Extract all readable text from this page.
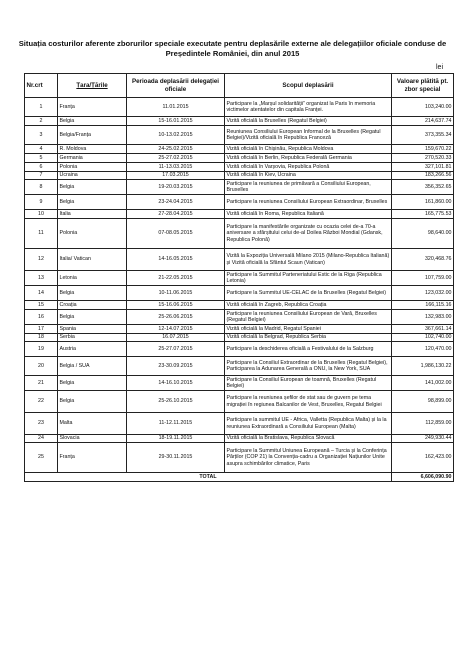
Situația costurilor aferente zborurilor speciale executate pentru deplasările externe ale delegațiilor oficiale conduse de Președintele României, din anul 2015
lei
Nr.crt	Țara/Țările	Perioada deplasării delegației oficiale	Scopul deplasării	Valoare plătită pt. zbor special
1	Franța	11.01.2015	Participare la „Marșul solidarității” organizat la Paris în memoria victimelor atentatelor din capitala Franței.	103,240.00
2	Belgia	15-16.01.2015	Vizită oficială la Bruxelles (Regatul Belgiei)	214,637.74
3	Belgia/Franța	10-13.02.2015	Reuniunea Consiliului European Informal de la Bruxelles (Regatul Belgiei)/Vizită oficială în Republica Franceză	373,355.34
4	R. Moldova	24-25.02.2015	Vizită oficială în Chișinău, Republica Moldova	159,670.22
5	Germania	25-27.02.2015	Vizită oficială în Berlin, Republica Federală Germania	270,520.33
6	Polonia	11-13.03.2015	Vizită oficială în Varșovia, Republica Polonă	327,101.81
7	Ucraina	17.03.2015	Vizită oficială în Kiev, Ucraina	183,266.56
8	Belgia	19-20.03.2015	Participare la reuniunea de primăvară a Consiliului European, Bruxelles	356,352.65
9	Belgia	23-24.04.2015	Participare la reuniunea Consiliului European Extraordinar, Bruxelles	161,860.00
10	Italia	27-28.04.2015	Vizită oficială în Roma, Republica Italiană	165,775.53
11	Polonia	07-08.05.2015	Participare la manifestările organizate cu ocazia celei de-a 70-a aniversare a sfârșitului celui de-al Doilea Război Mondial (Gdansk, Republica Polonă)	98,640.00
12	Italia/ Vatican	14-16.05.2015	Vizită la Expoziția Universală Milano 2015 (Milano-Republica Italiană) și Vizită oficială la Sfântul Scaun (Vatican)	320,468.76
13	Letonia	21-22.05.2015	Participare la Summitul Parteneriatului Estic de la Riga (Republica Letonia)	107,759.00
14	Belgia	10-11.06.2015	Participare la Summitul UE-CELAC de la Bruxelles (Regatul Belgiei)	123,032.00
15	Croația	15-16.06.2015	Vizită oficială în Zagreb, Republica Croația	166,115.16
16	Belgia	25-26.06.2015	Participare la reuniunea Consiliului European de Vară, Bruxelles (Regatul Belgiei)	132,983.00
17	Spania	12-14.07.2015	Vizită oficială la Madrid, Regatul Spaniei	367,661.14
18	Serbia	16.07.2015	Vizită oficială la Belgrad, Republica Serbia	102,740.00
19	Austria	25-27.07.2015	Participare la deschiderea oficială a Festivalului de la Salzburg	120,470.00
20	Belgia / SUA	23-30.09.2015	Participare la Consiliul Extraordinar de la Bruxelles (Regatul Belgiei), Participarea la Adunarea Generală a ONU, la New York, SUA	1,986,130.22
21	Belgia	14-16.10.2015	Participare la Consiliul European de toamnă, Bruxelles (Regatul Belgiei)	141,002.00
22	Belgia	25-26.10.2015	Participare la reuniunea șefilor de stat sau de guvern pe tema migrației în regiunea Balcanilor de Vest, Bruxelles, Regatul Belgiei	98,899.00
23	Malta	11-12.11.2015	Participare la summitul UE - Africa, Valletta (Republica Malta) și la la reuniunea Extraordinară a Consiliului European (Malta)	112,859.00
24	Slovacia	18-19.11.2015	Vizită oficială la Bratislava, Republica Slovacă	249,930.44
25	Franța	29-30.11.2015	Participare la Summitul Uniunea Europeană – Turcia și la Conferința Părților (COP 21) la Convenția-cadru a Organizației Națiunilor Unite asupra schimbărilor climatice, Paris	162,423.00
TOTAL				6,606,090.90
